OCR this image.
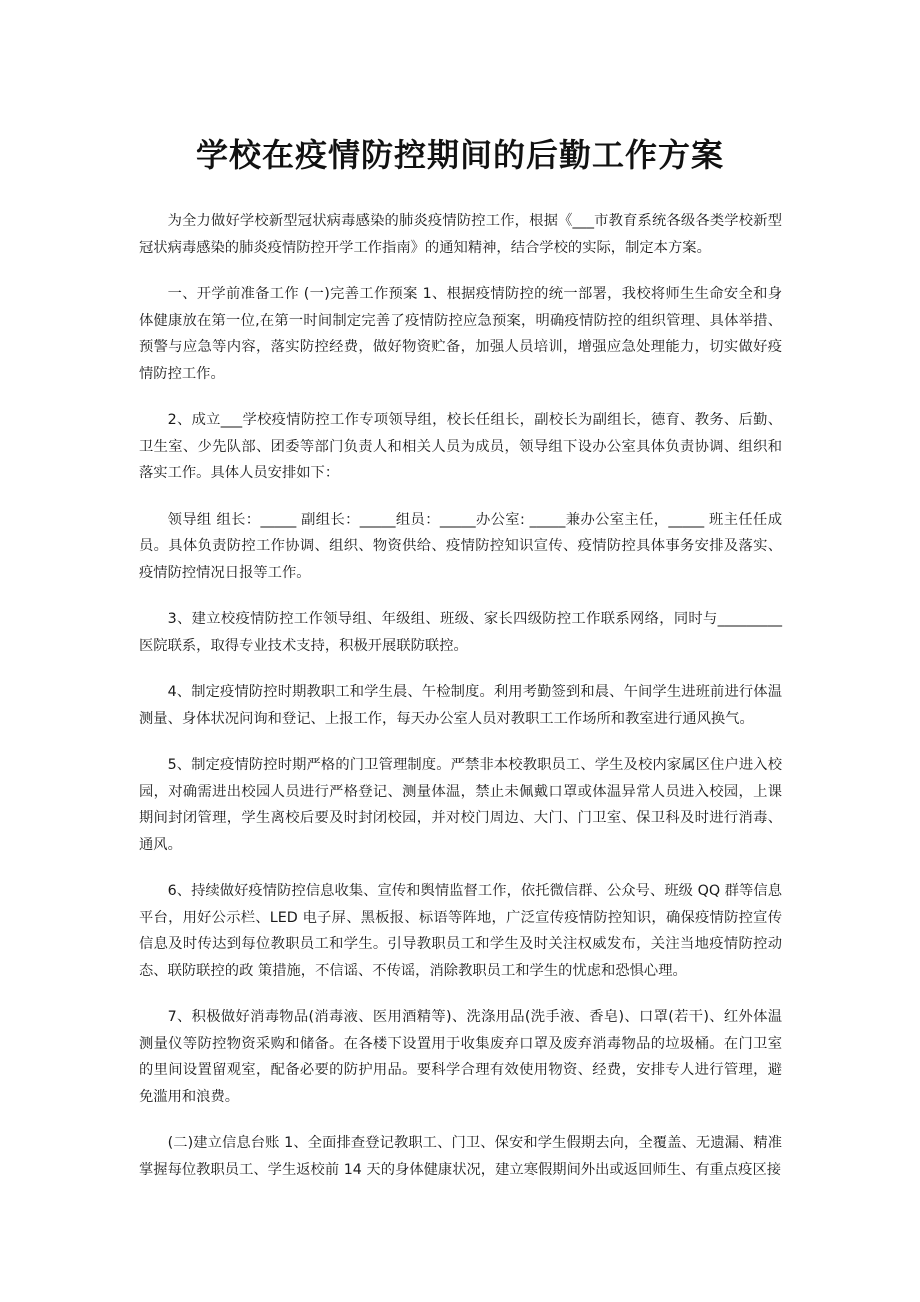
学校在疫情防控期间的后勤工作方案

为全力做好学校新型冠状病毒感染的肺炎疫情防控工作，根据《___市教育系统各级各类学校新型冠状病毒感染的肺炎疫情防控开学工作指南》的通知精神，结合学校的实际，制定本方案。

一、开学前准备工作 (一)完善工作预案 1、根据疫情防控的统一部署，我校将师生生命安全和身体健康放在第一位,在第一时间制定完善了疫情防控应急预案，明确疫情防控的组织管理、具体举措、预警与应急等内容，落实防控经费，做好物资贮备，加强人员培训，增强应急处理能力，切实做好疫情防控工作。

2、成立___学校疫情防控工作专项领导组，校长任组长，副校长为副组长，德育、教务、后勤、卫生室、少先队部、团委等部门负责人和相关人员为成员，领导组下设办公室具体负责协调、组织和落实工作。具体人员安排如下：

领导组 组长：_____ 副组长：_____组员：_____办公室: _____兼办公室主任，_____ 班主任任成员。具体负责防控工作协调、组织、物资供给、疫情防控知识宣传、疫情防控具体事务安排及落实、疫情防控情况日报等工作。

3、建立校疫情防控工作领导组、年级组、班级、家长四级防控工作联系网络，同时与_________医院联系，取得专业技术支持，积极开展联防联控。

4、制定疫情防控时期教职工和学生晨、午检制度。利用考勤签到和晨、午间学生进班前进行体温测量、身体状况问询和登记、上报工作，每天办公室人员对教职工工作场所和教室进行通风换气。

5、制定疫情防控时期严格的门卫管理制度。严禁非本校教职员工、学生及校内家属区住户进入校园，对确需进出校园人员进行严格登记、测量体温，禁止未佩戴口罩或体温异常人员进入校园，上课期间封闭管理，学生离校后要及时封闭校园，并对校门周边、大门、门卫室、保卫科及时进行消毒、通风。

6、持续做好疫情防控信息收集、宣传和舆情监督工作，依托微信群、公众号、班级 QQ 群等信息平台，用好公示栏、LED 电子屏、黑板报、标语等阵地，广泛宣传疫情防控知识，确保疫情防控宣传信息及时传达到每位教职员工和学生。引导教职员工和学生及时关注权威发布，关注当地疫情防控动态、联防联控的政 策措施，不信谣、不传谣，消除教职员工和学生的忧虑和恐惧心理。

7、积极做好消毒物品(消毒液、医用酒精等)、洗涤用品(洗手液、香皂)、口罩(若干)、红外体温测量仪等防控物资采购和储备。在各楼下设置用于收集废弃口罩及废弃消毒物品的垃圾桶。在门卫室的里间设置留观室，配备必要的防护用品。要科学合理有效使用物资、经费，安排专人进行管理，避免滥用和浪费。

(二)建立信息台账 1、全面排查登记教职工、门卫、保安和学生假期去向，全覆盖、无遗漏、精准掌握每位教职员工、学生返校前 14 天的身体健康状况，建立寒假期间外出或返回师生、有重点疫区接
